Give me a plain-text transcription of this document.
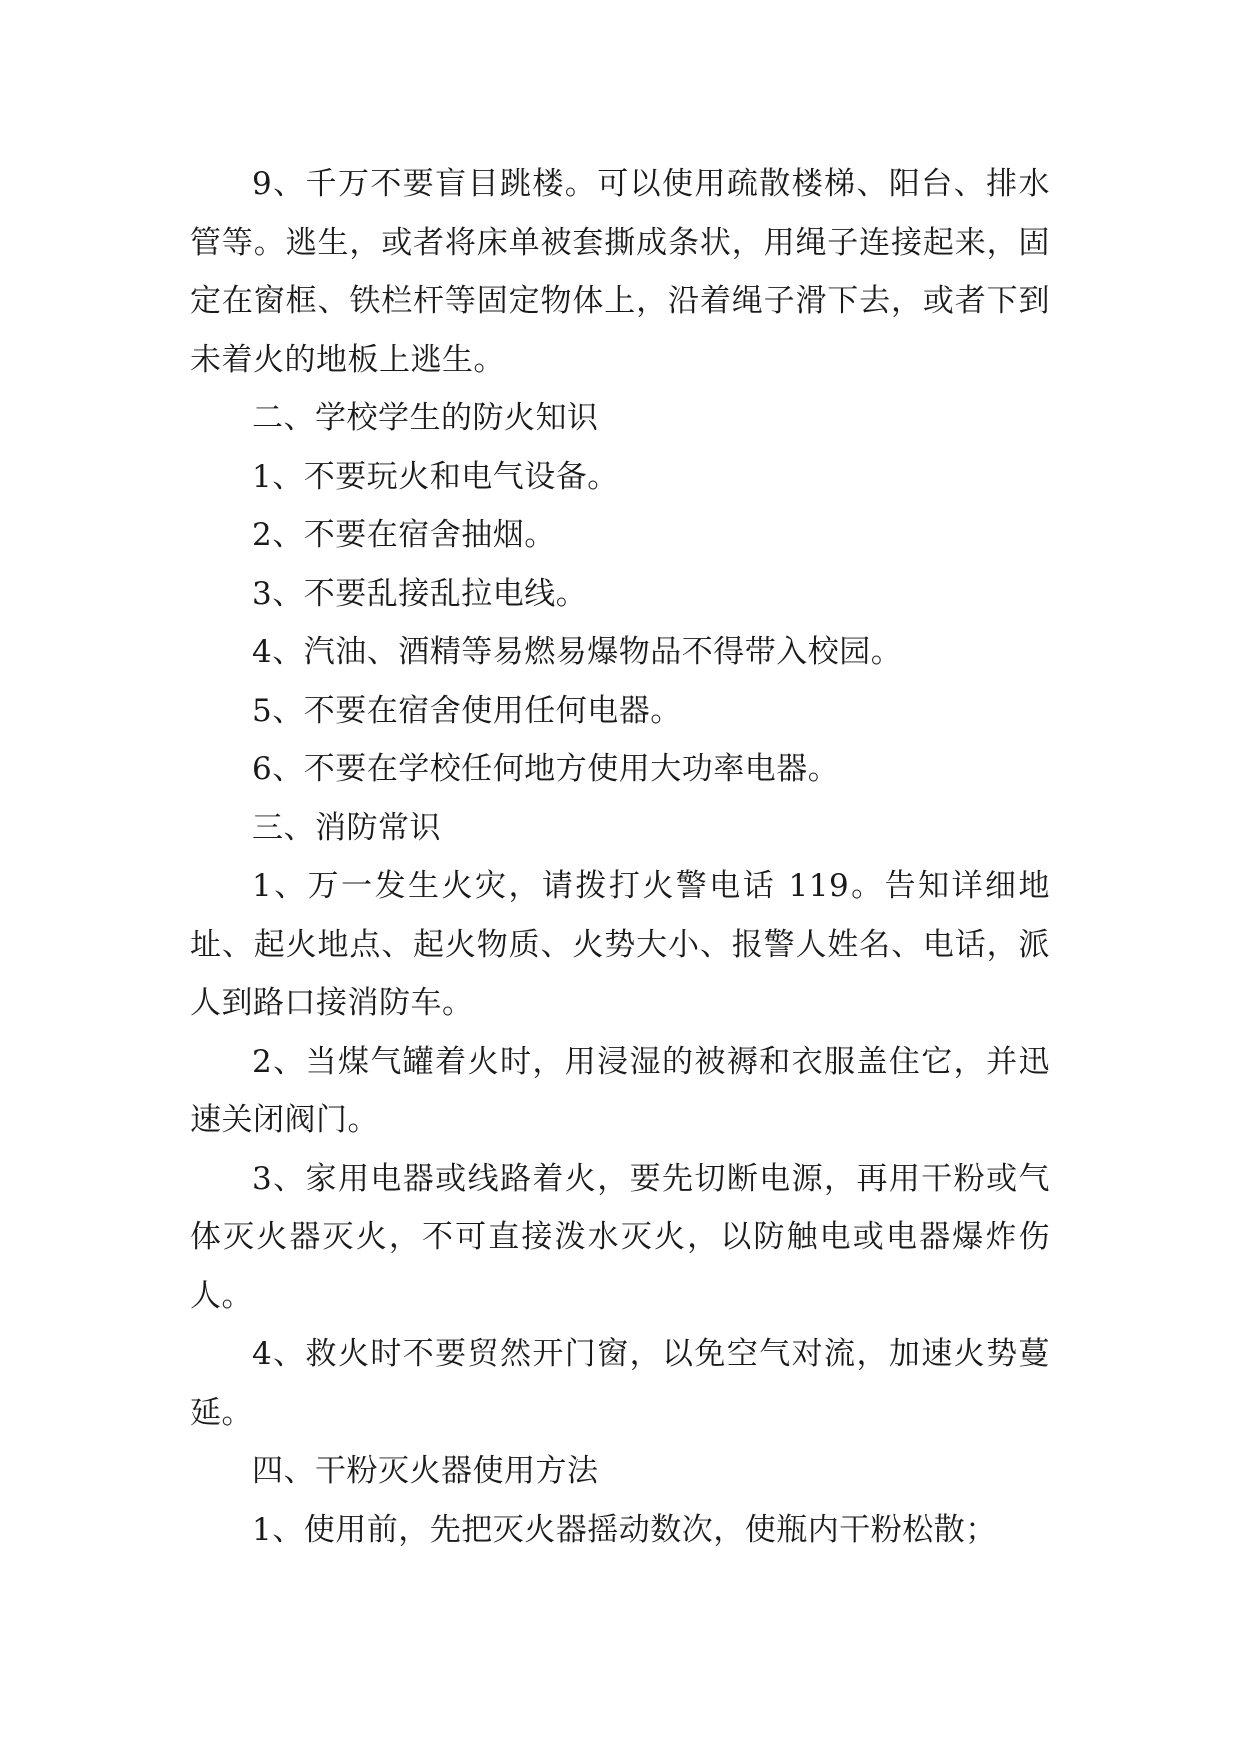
9、千万不要盲目跳楼。可以使用疏散楼梯、阳台、排水管等。逃生，或者将床单被套撕成条状，用绳子连接起来，固定在窗框、铁栏杆等固定物体上，沿着绳子滑下去，或者下到未着火的地板上逃生。

二、学校学生的防火知识

1、不要玩火和电气设备。

2、不要在宿舍抽烟。

3、不要乱接乱拉电线。

4、汽油、酒精等易燃易爆物品不得带入校园。

5、不要在宿舍使用任何电器。

6、不要在学校任何地方使用大功率电器。

三、消防常识

1、万一发生火灾，请拨打火警电话 119。告知详细地址、起火地点、起火物质、火势大小、报警人姓名、电话，派人到路口接消防车。

2、当煤气罐着火时，用浸湿的被褥和衣服盖住它，并迅速关闭阀门。

3、家用电器或线路着火，要先切断电源，再用干粉或气体灭火器灭火，不可直接泼水灭火，以防触电或电器爆炸伤人。

4、救火时不要贸然开门窗，以免空气对流，加速火势蔓延。

四、干粉灭火器使用方法

1、使用前，先把灭火器摇动数次，使瓶内干粉松散；
